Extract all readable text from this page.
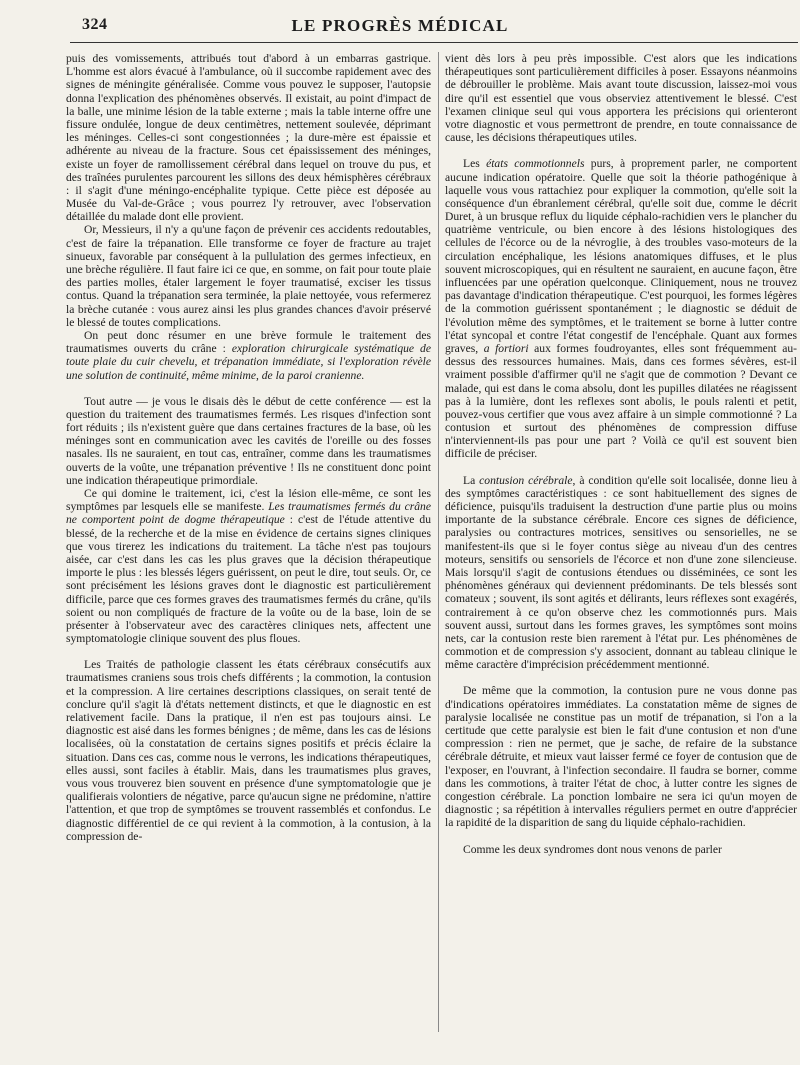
324	LE PROGRÈS MÉDICAL

puis des vomissements, attribués tout d'abord à un embarras gastrique. L'homme est alors évacué à l'ambulance, où il succombe rapidement avec des signes de méningite généralisée. Comme vous pouvez le supposer, l'autopsie donna l'explication des phénomènes observés. Il existait, au point d'impact de la balle, une minime lésion de la table externe ; mais la table interne offre une fissure ondulée, longue de deux centimètres, nettement soulevée, déprimant les méninges. Celles-ci sont congestionnées ; la dure-mère est épaissie et adhérente au niveau de la fracture. Sous cet épaississement des méninges, existe un foyer de ramollissement cérébral dans lequel on trouve du pus, et des traînées purulentes parcourent les sillons des deux hémisphères cérébraux : il s'agit d'une méningo-encéphalite typique. Cette pièce est déposée au Musée du Val-de-Grâce ; vous pourrez l'y retrouver, avec l'observation détaillée du malade dont elle provient.

Or, Messieurs, il n'y a qu'une façon de prévenir ces accidents redoutables, c'est de faire la trépanation. Elle transforme ce foyer de fracture au trajet sinueux, favorable par conséquent à la pullulation des germes infectieux, en une brèche régulière. Il faut faire ici ce que, en somme, on fait pour toute plaie des parties molles, étaler largement le foyer traumatisé, exciser les tissus contus. Quand la trépanation sera terminée, la plaie nettoyée, vous refermerez la brèche cutanée : vous aurez ainsi les plus grandes chances d'avoir préservé le blessé de toutes complications.

On peut donc résumer en une brève formule le traitement des traumatismes ouverts du crâne : exploration chirurgicale systématique de toute plaie du cuir chevelu, et trépanation immédiate, si l'exploration révèle une solution de continuité, même minime, de la paroi cranienne.

Tout autre — je vous le disais dès le début de cette conférence — est la question du traitement des traumatismes fermés. Les risques d'infection sont fort réduits ; ils n'existent guère que dans certaines fractures de la base, où les méninges sont en communication avec les cavités de l'oreille ou des fosses nasales. Ils ne sauraient, en tout cas, entraîner, comme dans les traumatismes ouverts de la voûte, une trépanation préventive ! Ils ne constituent donc point une indication thérapeutique primordiale.

Ce qui domine le traitement, ici, c'est la lésion elle-même, ce sont les symptômes par lesquels elle se manifeste. Les traumatismes fermés du crâne ne comportent point de dogme thérapeutique : c'est de l'étude attentive du blessé, de la recherche et de la mise en évidence de certains signes cliniques que vous tirerez les indications du traitement. La tâche n'est pas toujours aisée, car c'est dans les cas les plus graves que la décision thérapeutique importe le plus : les blessés légers guérissent, on peut le dire, tout seuls. Or, ce sont précisément les lésions graves dont le diagnostic est particulièrement difficile, parce que ces formes graves des traumatismes fermés du crâne, qu'ils soient ou non compliqués de fracture de la voûte ou de la base, loin de se présenter à l'observateur avec des caractères cliniques nets, affectent une symptomatologie clinique souvent des plus floues.

Les Traités de pathologie classent les états cérébraux consécutifs aux traumatismes craniens sous trois chefs différents ; la commotion, la contusion et la compression. A lire certaines descriptions classiques, on serait tenté de conclure qu'il s'agit là d'états nettement distincts, et que le diagnostic en est relativement facile. Dans la pratique, il n'en est pas toujours ainsi. Le diagnostic est aisé dans les formes bénignes ; de même, dans les cas de lésions localisées, où la constatation de certains signes positifs et précis éclaire la situation. Dans ces cas, comme nous le verrons, les indications thérapeutiques, elles aussi, sont faciles à établir. Mais, dans les traumatismes plus graves, vous vous trouverez bien souvent en présence d'une symptomatologie que je qualifierais volontiers de négative, parce qu'aucun signe ne prédomine, n'attire l'attention, et que trop de symptômes se trouvent rassemblés et confondus. Le diagnostic différentiel de ce qui revient à la commotion, à la contusion, à la compression de-

vient dès lors à peu près impossible. C'est alors que les indications thérapeutiques sont particulièrement difficiles à poser. Essayons néanmoins de débrouiller le problème. Mais avant toute discussion, laissez-moi vous dire qu'il est essentiel que vous observiez attentivement le blessé. C'est l'examen clinique seul qui vous apportera les précisions qui orienteront votre diagnostic et vous permettront de prendre, en toute connaissance de cause, les décisions thérapeutiques utiles.

Les états commotionnels purs, à proprement parler, ne comportent aucune indication opératoire. Quelle que soit la théorie pathogénique à laquelle vous vous rattachiez pour expliquer la commotion, qu'elle soit la conséquence d'un ébranlement cérébral, qu'elle soit due, comme le décrit Duret, à un brusque reflux du liquide céphalo-rachidien vers le plancher du quatrième ventricule, ou bien encore à des lésions histologiques des cellules de l'écorce ou de la névroglie, à des troubles vaso-moteurs de la circulation encéphalique, les lésions anatomiques diffuses, et le plus souvent microscopiques, qui en résultent ne sauraient, en aucune façon, être influencées par une opération quelconque. Cliniquement, nous ne trouvez pas davantage d'indication thérapeutique. C'est pourquoi, les formes légères de la commotion guérissent spontanément ; le diagnostic se déduit de l'évolution même des symptômes, et le traitement se borne à lutter contre l'état syncopal et contre l'état congestif de l'encéphale. Quant aux formes graves, a fortiori aux formes foudroyantes, elles sont fréquemment au-dessus des ressources humaines. Mais, dans ces formes sévères, est-il vraiment possible d'affirmer qu'il ne s'agit que de commotion ? Devant ce malade, qui est dans le coma absolu, dont les pupilles dilatées ne réagissent pas à la lumière, dont les reflexes sont abolis, le pouls ralenti et petit, pouvez-vous certifier que vous avez affaire à un simple commotionné ? La contusion et surtout des phénomènes de compression diffuse n'interviennent-ils pas pour une part ? Voilà ce qu'il est souvent bien difficile de préciser.

La contusion cérébrale, à condition qu'elle soit localisée, donne lieu à des symptômes caractéristiques : ce sont habituellement des signes de déficience, puisqu'ils traduisent la destruction d'une partie plus ou moins importante de la substance cérébrale. Encore ces signes de déficience, paralysies ou contractures motrices, sensitives ou sensorielles, ne se manifestent-ils que si le foyer contus siège au niveau d'un des centres moteurs, sensitifs ou sensoriels de l'écorce et non d'une zone silencieuse. Mais lorsqu'il s'agit de contusions étendues ou disséminées, ce sont les phénomènes généraux qui deviennent prédominants. De tels blessés sont comateux ; souvent, ils sont agités et délirants, leurs réflexes sont exagérés, contrairement à ce qu'on observe chez les commotionnés purs. Mais souvent aussi, surtout dans les formes graves, les symptômes sont moins nets, car la contusion reste bien rarement à l'état pur. Les phénomènes de commotion et de compression s'y associent, donnant au tableau clinique le même caractère d'imprécision précédemment mentionné.

De même que la commotion, la contusion pure ne vous donne pas d'indications opératoires immédiates. La constatation même de signes de paralysie localisée ne constitue pas un motif de trépanation, si l'on a la certitude que cette paralysie est bien le fait d'une contusion et non d'une compression : rien ne permet, que je sache, de refaire de la substance cérébrale détruite, et mieux vaut laisser fermé ce foyer de contusion que de l'exposer, en l'ouvrant, à l'infection secondaire. Il faudra se borner, comme dans les commotions, à traiter l'état de choc, à lutter contre les signes de congestion cérébrale. La ponction lombaire ne sera ici qu'un moyen de diagnostic ; sa répétition à intervalles réguliers permet en outre d'apprécier la rapidité de la disparition de sang du liquide céphalo-rachidien.

Comme les deux syndromes dont nous venons de parler
